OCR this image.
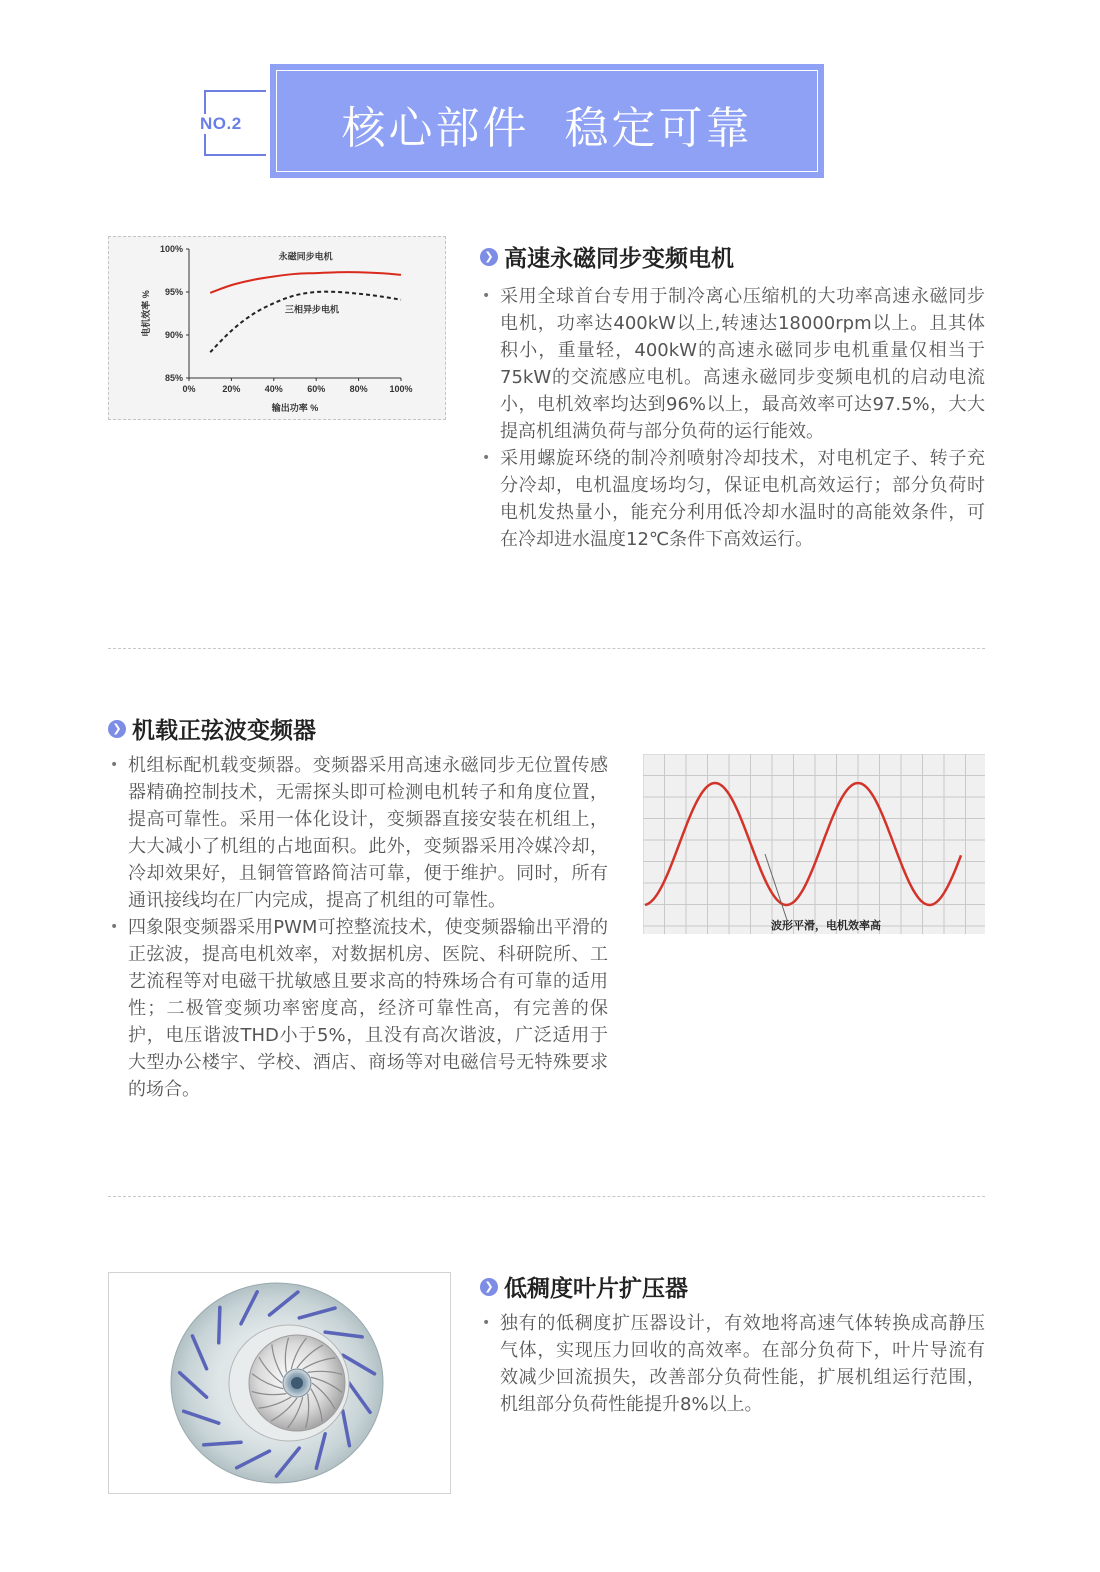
NO.2	核心部件 稳定可靠
85%
90%
95%
100%
0%	20%	40%	60%	80% 100%
输出功率 %
电机效率 %
永磁同步电机
三相异步电机
❯ 高速永磁同步变频电机
• 采用全球首台专用于制冷离心压缩机的大功率高速永磁同步电机，功率达400kW以上,转速达18000rpm以上。且其体积小，重量轻，400kW的高速永磁同步电机重量仅相当于75kW的交流感应电机。高速永磁同步变频电机的启动电流小，电机效率均达到96%以上，最高效率可达97.5%，大大提高机组满负荷与部分负荷的运行能效。
• 采用螺旋环绕的制冷剂喷射冷却技术，对电机定子、转子充分冷却，电机温度场均匀，保证电机高效运行；部分负荷时电机发热量小，能充分利用低冷却水温时的高能效条件，可在冷却进水温度12℃条件下高效运行。
❯ 机载正弦波变频器
• 机组标配机载变频器。变频器采用高速永磁同步无位置传感器精确控制技术，无需探头即可检测电机转子和角度位置，提高可靠性。采用一体化设计，变频器直接安装在机组上，大大减小了机组的占地面积。此外，变频器采用冷媒冷却，冷却效果好，且铜管管路简洁可靠，便于维护。同时，所有通讯接线均在厂内完成，提高了机组的可靠性。
• 四象限变频器采用PWM可控整流技术，使变频器输出平滑的正弦波，提高电机效率，对数据机房、医院、科研院所、工艺流程等对电磁干扰敏感且要求高的特殊场合有可靠的适用性；二极管变频功率密度高，经济可靠性高，有完善的保护，电压谐波THD小于5%，且没有高次谐波，广泛适用于大型办公楼宇、学校、酒店、商场等对电磁信号无特殊要求的场合。
波形平滑，电机效率高
❯ 低稠度叶片扩压器
• 独有的低稠度扩压器设计，有效地将高速气体转换成高静压气体，实现压力回收的高效率。在部分负荷下，叶片导流有效减少回流损失，改善部分负荷性能，扩展机组运行范围，机组部分负荷性能提升8%以上。
